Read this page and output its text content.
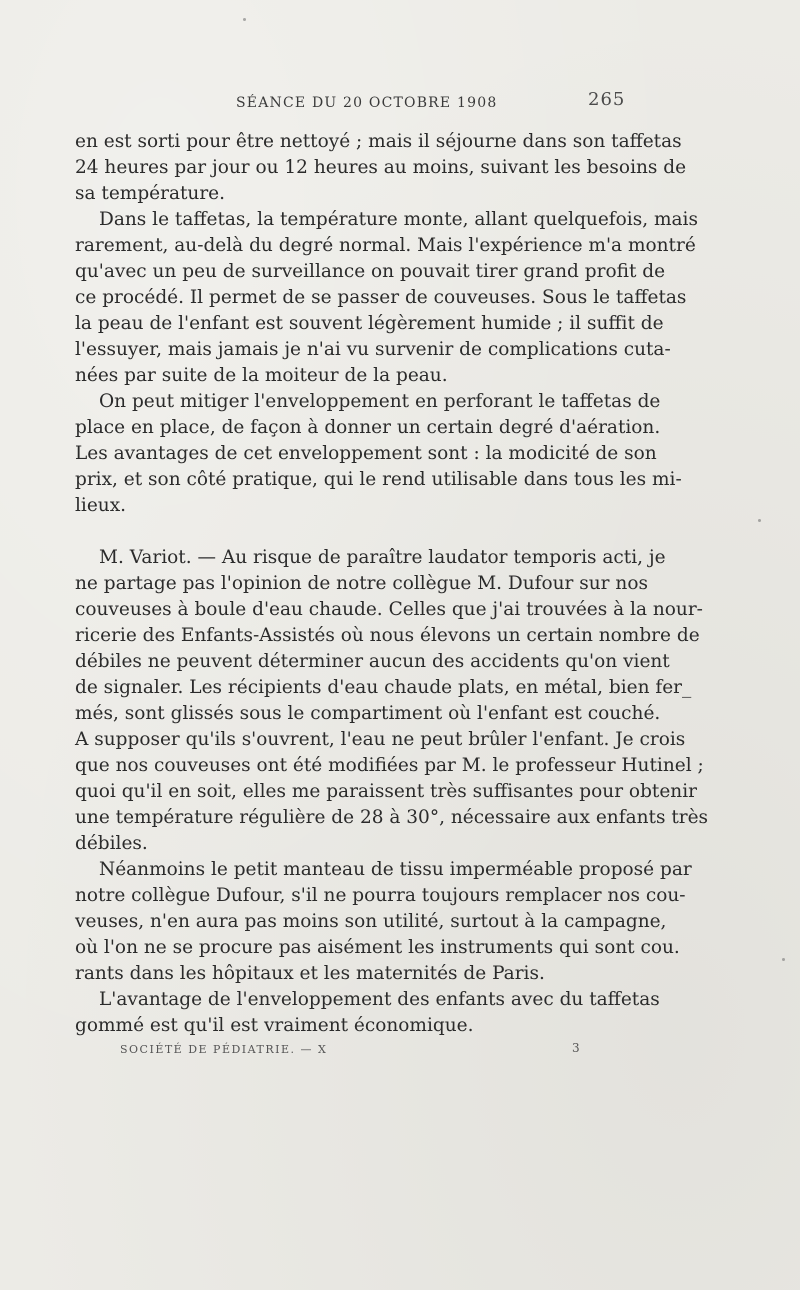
SÉANCE DU 20 OCTOBRE 1908	265
en est sorti pour être nettoyé ; mais il séjourne dans son taffetas
24 heures par jour ou 12 heures au moins, suivant les besoins de
sa température.
Dans le taffetas, la température monte, allant quelquefois, mais
rarement, au-delà du degré normal. Mais l'expérience m'a montré
qu'avec un peu de surveillance on pouvait tirer grand profit de
ce procédé. Il permet de se passer de couveuses. Sous le taffetas
la peau de l'enfant est souvent légèrement humide ; il suffit de
l'essuyer, mais jamais je n'ai vu survenir de complications cuta-
nées par suite de la moiteur de la peau.
On peut mitiger l'enveloppement en perforant le taffetas de
place en place, de façon à donner un certain degré d'aération.
Les avantages de cet enveloppement sont : la modicité de son
prix, et son côté pratique, qui le rend utilisable dans tous les mi-
lieux.
M. Variot. — Au risque de paraître laudator temporis acti, je
ne partage pas l'opinion de notre collègue M. Dufour sur nos
couveuses à boule d'eau chaude. Celles que j'ai trouvées à la nour-
ricerie des Enfants-Assistés où nous élevons un certain nombre de
débiles ne peuvent déterminer aucun des accidents qu'on vient
de signaler. Les récipients d'eau chaude plats, en métal, bien fer_
més, sont glissés sous le compartiment où l'enfant est couché.
A supposer qu'ils s'ouvrent, l'eau ne peut brûler l'enfant. Je crois
que nos couveuses ont été modifiées par M. le professeur Hutinel ;
quoi qu'il en soit, elles me paraissent très suffisantes pour obtenir
une température régulière de 28 à 30°, nécessaire aux enfants très
débiles.
Néanmoins le petit manteau de tissu imperméable proposé par
notre collègue Dufour, s'il ne pourra toujours remplacer nos cou-
veuses, n'en aura pas moins son utilité, surtout à la campagne,
où l'on ne se procure pas aisément les instruments qui sont cou.
rants dans les hôpitaux et les maternités de Paris.
L'avantage de l'enveloppement des enfants avec du taffetas
gommé est qu'il est vraiment économique.
SOCIÉTÉ DE PÉDIATRIE. — X	3
